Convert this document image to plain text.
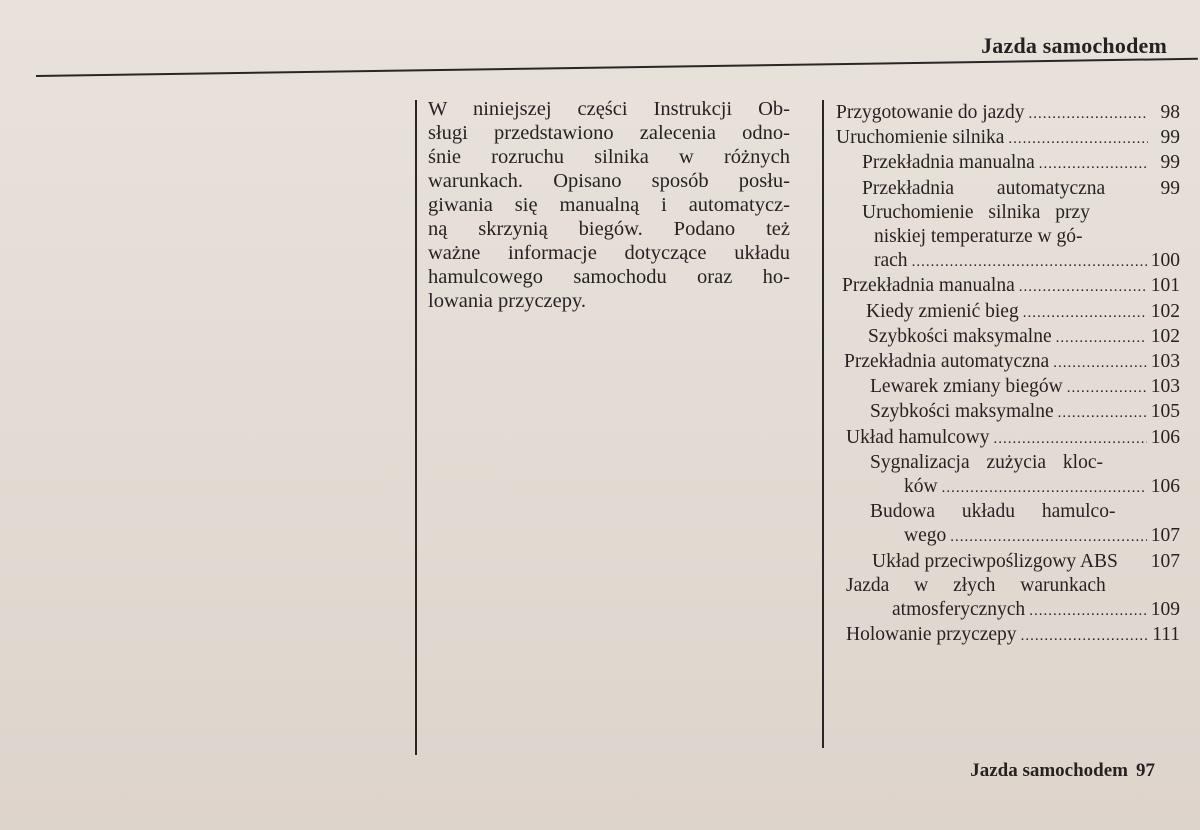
Jazda samochodem
W niniejszej części Instrukcji Ob-
sługi przedstawiono zalecenia odno-
śnie rozruchu silnika w różnych
warunkach. Opisano sposób posłu-
giwania się manualną i automatycz-
ną skrzynią biegów. Podano też
ważne informacje dotyczące układu
hamulcowego samochodu oraz ho-
lowania przyczepy.
Przygotowanie do jazdy .....	98
Uruchomienie silnika .....	99
Przekładnia manualna .....	99
Przekładnia automatyczna	99
Uruchomienie silnika przy
niskiej temperaturze w gó-
rach .....	100
Przekładnia manualna .....	101
Kiedy zmienić bieg .....	102
Szybkości maksymalne .....	102
Przekładnia automatyczna .....	103
Lewarek zmiany biegów .....	103
Szybkości maksymalne .....	105
Układ hamulcowy .....	106
Sygnalizacja zużycia kloc-
ków .....	106
Budowa układu hamulco-
wego .....	107
Układ przeciwpoślizgowy ABS 107
Jazda w złych warunkach
atmosferycznych .....	109
Holowanie przyczepy .....	111
Jazda samochodem 97
